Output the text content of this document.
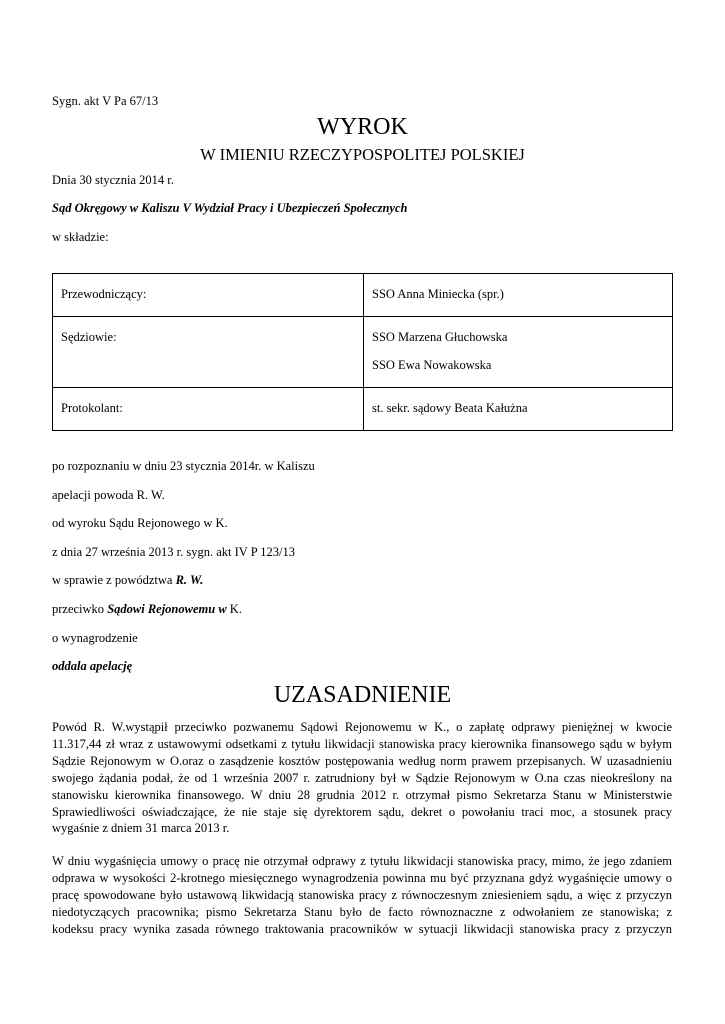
Sygn. akt V Pa 67/13
WYROK
W IMIENIU RZECZYPOSPOLITEJ POLSKIEJ
Dnia 30 stycznia 2014 r.
Sąd Okręgowy w Kaliszu V Wydział Pracy i Ubezpieczeń Społecznych
w składzie:
Przewodniczący:	SSO Anna Miniecka (spr.)
Sędziowie:	SSO Marzena Głuchowska
SSO Ewa Nowakowska

Protokolant:	st. sekr. sądowy Beata Kałużna
po rozpoznaniu w dniu 23 stycznia 2014r. w Kaliszu
apelacji powoda R. W.
od wyroku Sądu Rejonowego w K.
z dnia 27 września 2013 r. sygn. akt IV P 123/13
w sprawie z powództwa R. W.
przeciwko Sądowi Rejonowemu w K.
o wynagrodzenie
oddala apelację
UZASADNIENIE
Powód R. W.wystąpił przeciwko pozwanemu Sądowi Rejonowemu w K., o zapłatę odprawy pieniężnej w kwocie
11.317,44 zł wraz z ustawowymi odsetkami z tytułu likwidacji stanowiska pracy kierownika finansowego sądu w byłym
Sądzie Rejonowym w O.oraz o zasądzenie kosztów postępowania według norm prawem przepisanych. W uzasadnieniu
swojego żądania podał, że od 1 września 2007 r. zatrudniony był w Sądzie Rejonowym w O.na czas nieokreślony na
stanowisku kierownika finansowego. W dniu 28 grudnia 2012 r. otrzymał pismo Sekretarza Stanu w Ministerstwie
Sprawiedliwości oświadczające, że nie staje się dyrektorem sądu, dekret o powołaniu traci moc, a stosunek pracy
wygaśnie z dniem 31 marca 2013 r.
W dniu wygaśnięcia umowy o pracę nie otrzymał odprawy z tytułu likwidacji stanowiska pracy, mimo, że jego zdaniem
odprawa w wysokości 2-krotnego miesięcznego wynagrodzenia powinna mu być przyznana gdyż wygaśnięcie umowy o
pracę spowodowane było ustawową likwidacją stanowiska pracy z równoczesnym zniesieniem sądu, a więc z przyczyn
niedotyczących pracownika; pismo Sekretarza Stanu było de facto równoznaczne z odwołaniem ze stanowiska; z
kodeksu pracy wynika zasada równego traktowania pracowników w sytuacji likwidacji stanowiska pracy z przyczyn
